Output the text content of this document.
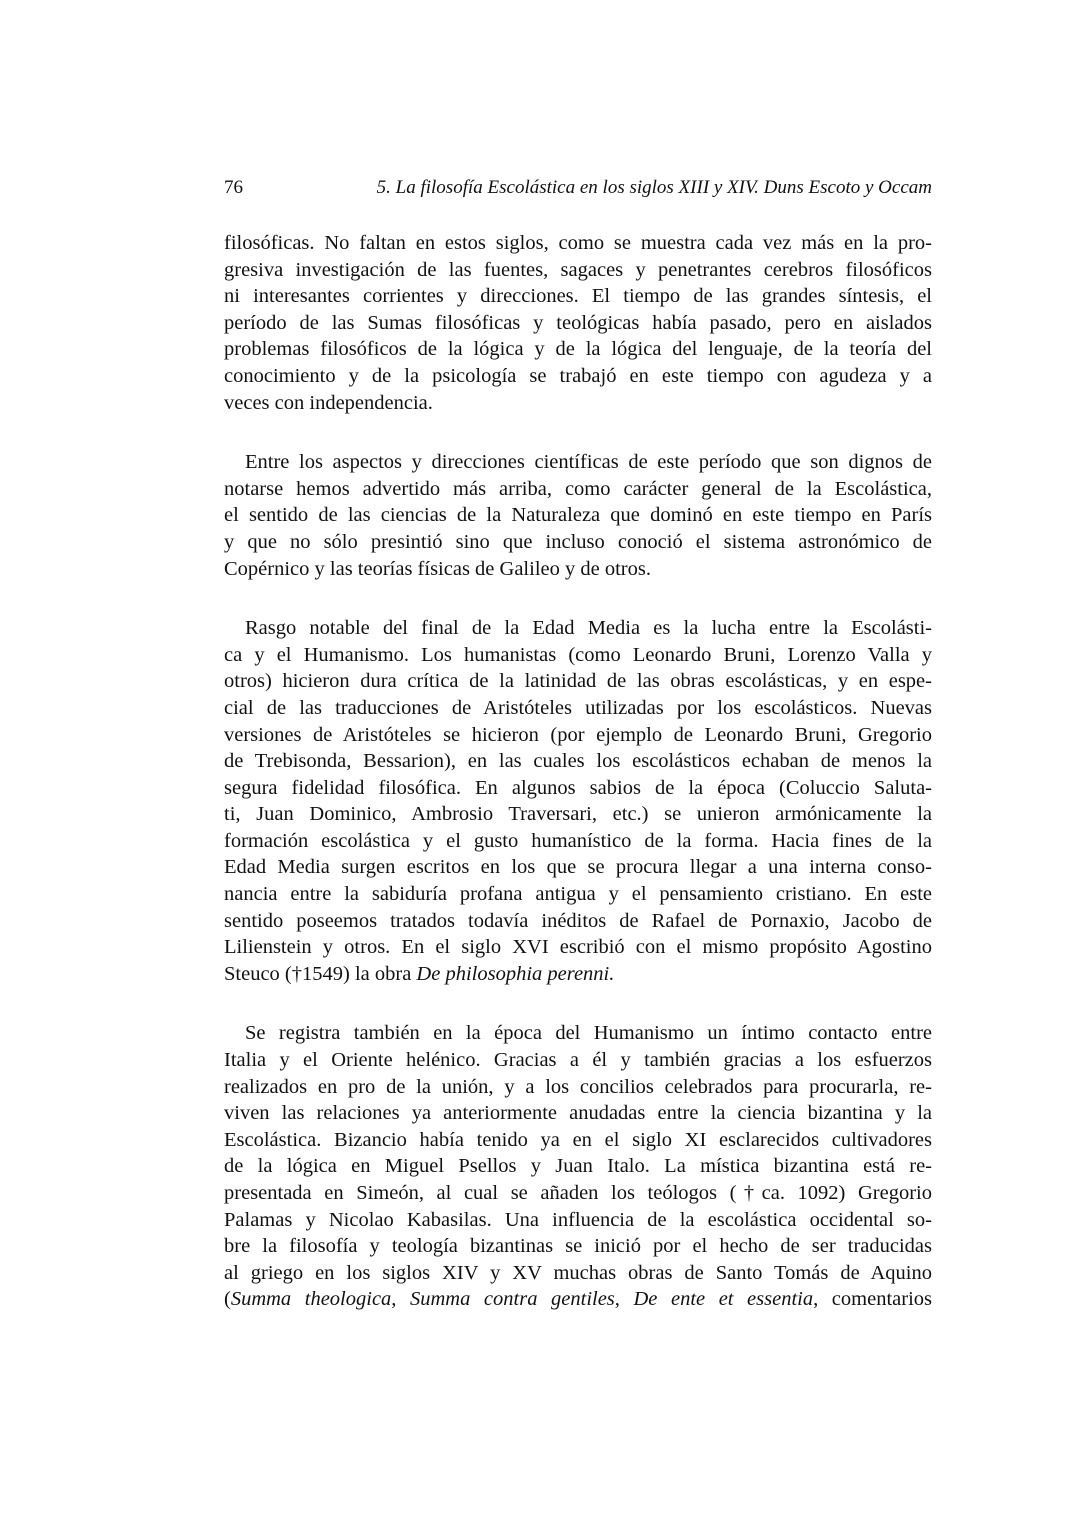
76	5. La filosofía Escolástica en los siglos XIII y XIV. Duns Escoto y Occam
filosóficas. No faltan en estos siglos, como se muestra cada vez más en la pro-
gresiva investigación de las fuentes, sagaces y penetrantes cerebros filosóficos
ni interesantes corrientes y direcciones. El tiempo de las grandes síntesis, el
período de las Sumas filosóficas y teológicas había pasado, pero en aislados
problemas filosóficos de la lógica y de la lógica del lenguaje, de la teoría del
conocimiento y de la psicología se trabajó en este tiempo con agudeza y a
veces con independencia.
Entre los aspectos y direcciones científicas de este período que son dignos de
notarse hemos advertido más arriba, como carácter general de la Escolástica,
el sentido de las ciencias de la Naturaleza que dominó en este tiempo en París
y que no sólo presintió sino que incluso conoció el sistema astronómico de
Copérnico y las teorías físicas de Galileo y de otros.
Rasgo notable del final de la Edad Media es la lucha entre la Escolásti-
ca y el Humanismo. Los humanistas (como Leonardo Bruni, Lorenzo Valla y
otros) hicieron dura crítica de la latinidad de las obras escolásticas, y en espe-
cial de las traducciones de Aristóteles utilizadas por los escolásticos. Nuevas
versiones de Aristóteles se hicieron (por ejemplo de Leonardo Bruni, Gregorio
de Trebisonda, Bessarion), en las cuales los escolásticos echaban de menos la
segura fidelidad filosófica. En algunos sabios de la época (Coluccio Saluta-
ti, Juan Dominico, Ambrosio Traversari, etc.) se unieron armónicamente la
formación escolástica y el gusto humanístico de la forma. Hacia fines de la
Edad Media surgen escritos en los que se procura llegar a una interna conso-
nancia entre la sabiduría profana antigua y el pensamiento cristiano. En este
sentido poseemos tratados todavía inéditos de Rafael de Pornaxio, Jacobo de
Lilienstein y otros. En el siglo XVI escribió con el mismo propósito Agostino
Steuco (†1549) la obra De philosophia perenni.
Se registra también en la época del Humanismo un íntimo contacto entre
Italia y el Oriente helénico. Gracias a él y también gracias a los esfuerzos
realizados en pro de la unión, y a los concilios celebrados para procurarla, re-
viven las relaciones ya anteriormente anudadas entre la ciencia bizantina y la
Escolástica. Bizancio había tenido ya en el siglo XI esclarecidos cultivadores
de la lógica en Miguel Psellos y Juan Italo. La mística bizantina está re-
presentada en Simeón, al cual se añaden los teólogos (†ca. 1092) Gregorio
Palamas y Nicolao Kabasilas. Una influencia de la escolástica occidental so-
bre la filosofía y teología bizantinas se inició por el hecho de ser traducidas
al griego en los siglos XIV y XV muchas obras de Santo Tomás de Aquino
(Summa theologica, Summa contra gentiles, De ente et essentia, comentarios
